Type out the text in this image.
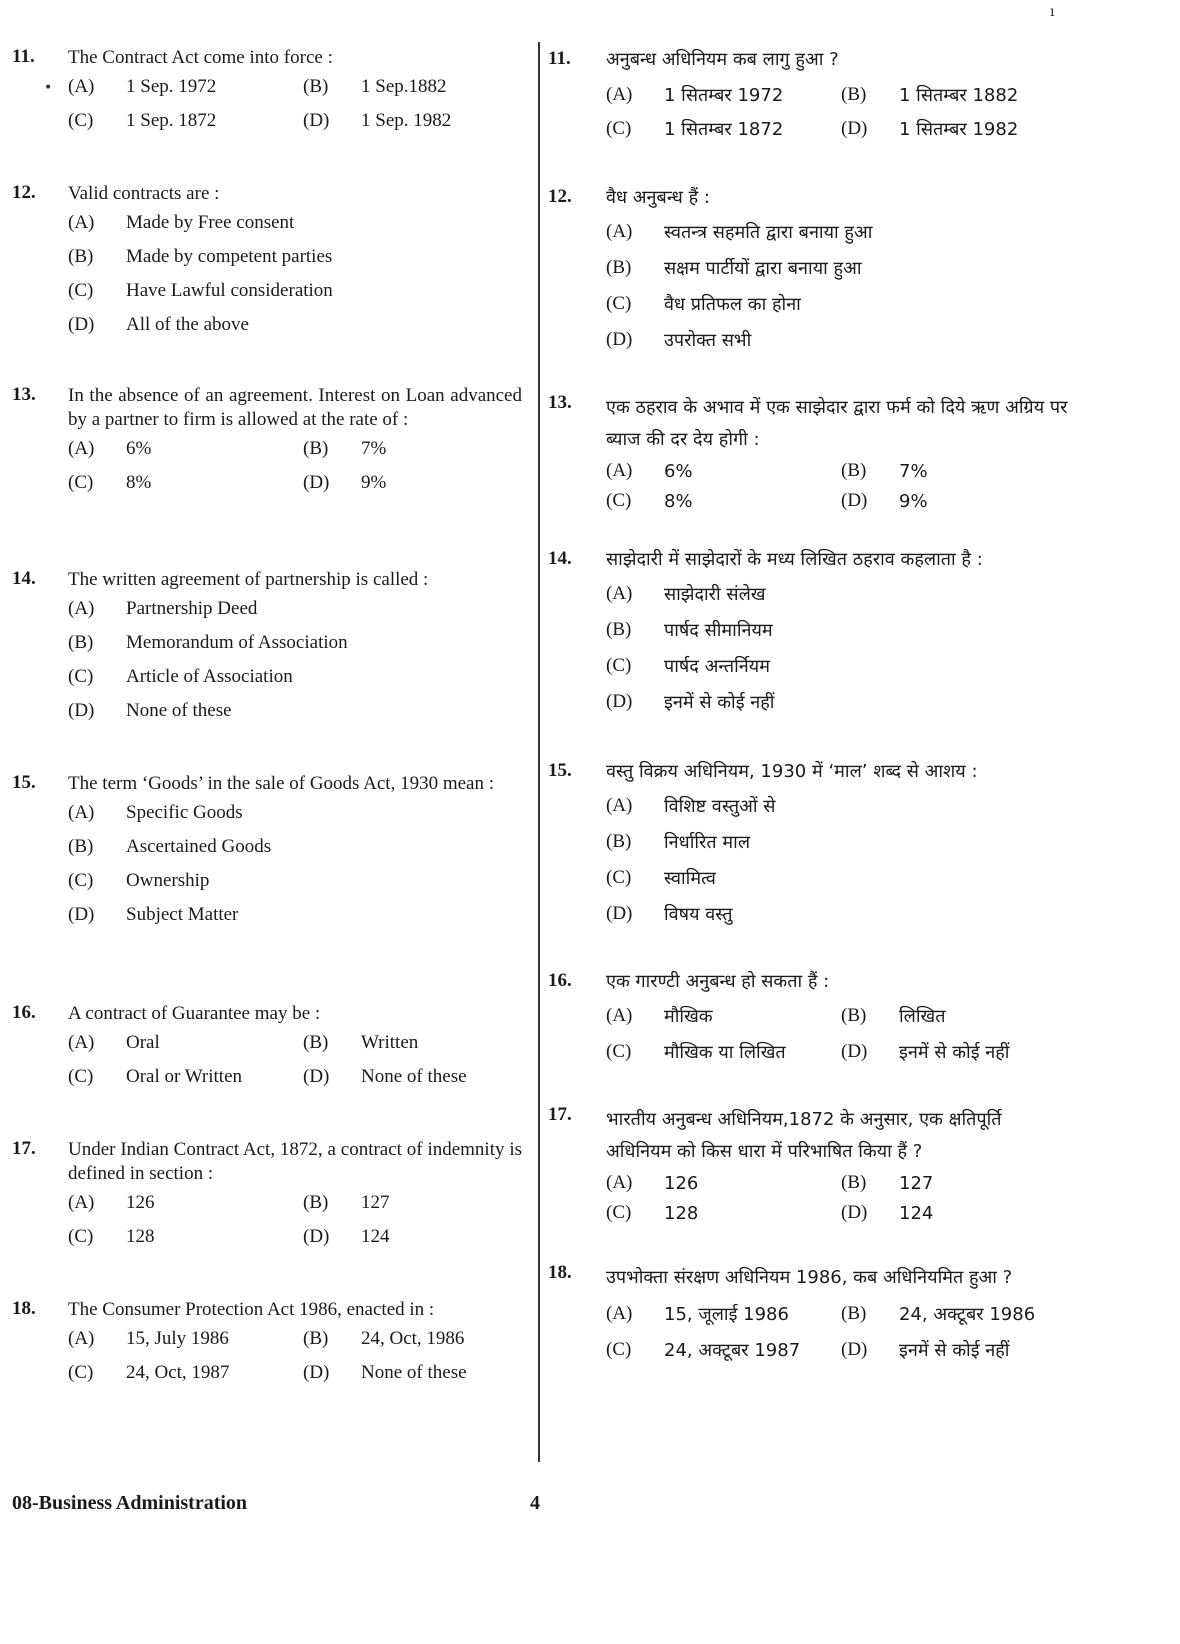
11.	The Contract Act come into force :
(A)	1 Sep. 1972	(B)	1 Sep.1882
(C)	1 Sep. 1872	(D)	1 Sep. 1982
12.	Valid contracts are :
(A)	Made by Free consent
(B)	Made by competent parties
(C)	Have Lawful consideration
(D)	All of the above
13.	In the absence of an agreement. Interest on Loan advanced by a partner to firm is allowed at the rate of :
(A)	6%	(B)	7%
(C)	8%	(D)	9%
14.	The written agreement of partnership is called :
(A)	Partnership Deed
(B)	Memorandum of Association
(C)	Article of Association
(D)	None of these
15.	The term ‘Goods’ in the sale of Goods Act, 1930 mean :
(A)	Specific Goods
(B)	Ascertained Goods
(C)	Ownership
(D)	Subject Matter
16.	A contract of Guarantee may be :
(A)	Oral	(B)	Written
(C)	Oral or Written	(D)	None of these
17.	Under Indian Contract Act, 1872, a contract of indemnity is defined in section :
(A)	126	(B)	127
(C)	128	(D)	124
18.	The Consumer Protection Act 1986, enacted in :
(A)	15, July 1986	(B)	24, Oct, 1986
(C)	24, Oct, 1987	(D)	None of these
11.	अनुबन्ध अधिनियम कब लागु हुआ ?
(A)	1 सितम्बर 1972	(B)	1 सितम्बर 1882
(C)	1 सितम्बर 1872	(D)	1 सितम्बर 1982
12.	वैध अनुबन्ध हैं :
(A)	स्वतन्त्र सहमति द्वारा बनाया हुआ
(B)	सक्षम पार्टीयों द्वारा बनाया हुआ
(C)	वैध प्रतिफल का होना
(D)	उपरोक्त सभी
13.	एक ठहराव के अभाव में एक साझेदार द्वारा फर्म को दिये ऋण अग्रिय पर ब्याज की दर देय होगी :
(A)	6%	(B)	7%
(C)	8%	(D)	9%
14.	साझेदारी में साझेदारों के मध्य लिखित ठहराव कहलाता है :
(A)	साझेदारी संलेख
(B)	पार्षद सीमानियम
(C)	पार्षद अन्तर्नियम
(D)	इनमें से कोई नहीं
15.	वस्तु विक्रय अधिनियम, 1930 में ‘माल’ शब्द से आशय :
(A)	विशिष्ट वस्तुओं से
(B)	निर्धारित माल
(C)	स्वामित्व
(D)	विषय वस्तु
16.	एक गारण्टी अनुबन्ध हो सकता हैं :
(A)	मौखिक	(B)	लिखित
(C)	मौखिक या लिखित	(D)	इनमें से कोई नहीं
17.	भारतीय अनुबन्ध अधिनियम,1872 के अनुसार, एक क्षतिपूर्ति अधिनियम को किस धारा में परिभाषित किया हैं ?
(A)	126	(B)	127
(C)	128	(D)	124
18.	उपभोक्ता संरक्षण अधिनियम 1986, कब अधिनियमित हुआ ?
(A)	15, जूलाई 1986	(B)	24, अक्टूबर 1986
(C)	24, अक्टूबर 1987 (D)	इनमें से कोई नहीं
08-Business Administration	4
•
ı
